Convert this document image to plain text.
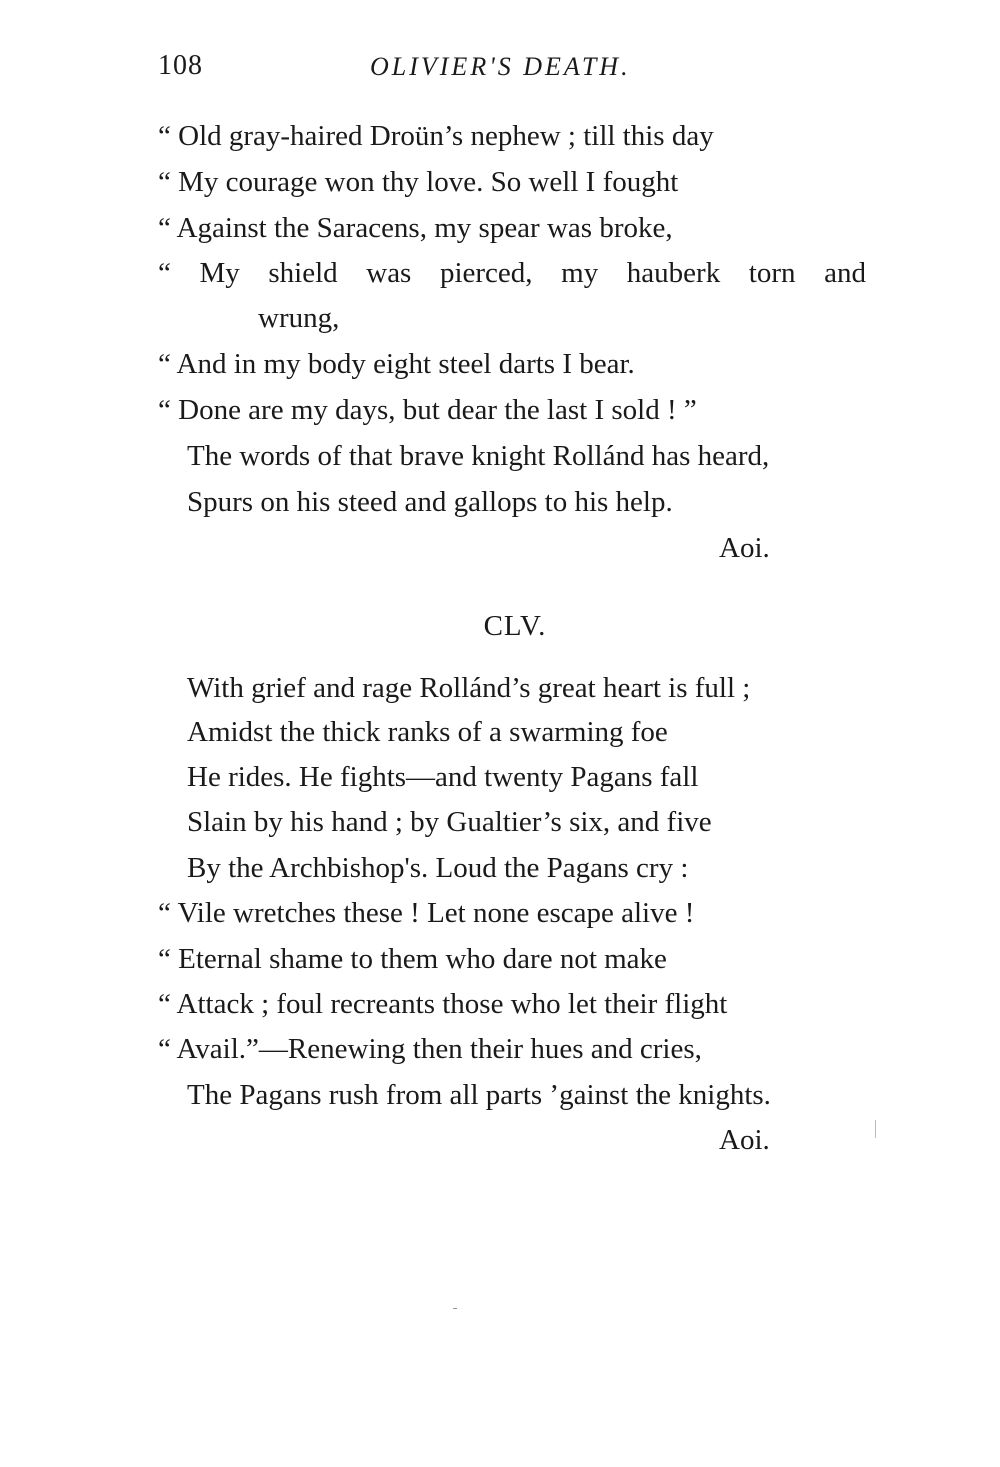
108	OLIVIER'S DEATH.
“ Old gray-haired Droün’s nephew ; till this day
“ My courage won thy love. So well I fought
“ Against the Saracens, my spear was broke,
“ My shield was pierced, my hauberk torn and
wrung,
“ And in my body eight steel darts I bear.
“ Done are my days, but dear the last I sold ! ”
The words of that brave knight Rollánd has heard,
Spurs on his steed and gallops to his help.
Aoi.
CLV.
With grief and rage Rollánd’s great heart is full ;
Amidst the thick ranks of a swarming foe
He rides. He fights—and twenty Pagans fall
Slain by his hand ; by Gualtier’s six, and five
By the Archbishop's. Loud the Pagans cry :
“ Vile wretches these ! Let none escape alive !
“ Eternal shame to them who dare not make
“ Attack ; foul recreants those who let their flight
“ Avail.”—Renewing then their hues and cries,
The Pagans rush from all parts ’gainst the knights.
Aoi.
